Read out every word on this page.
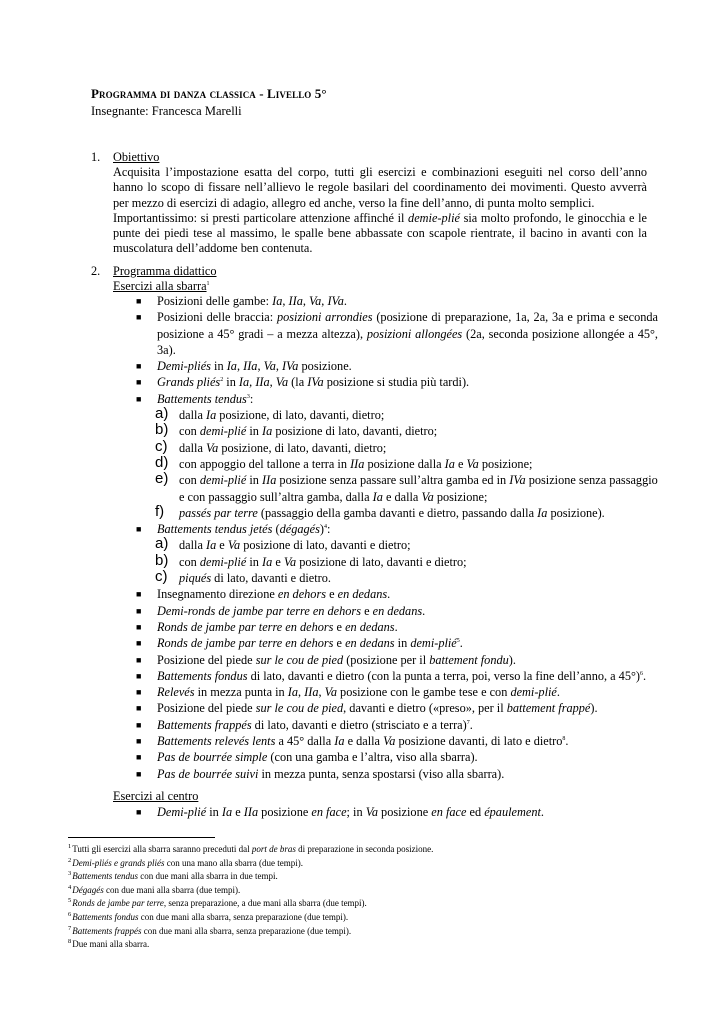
Programma di danza classica - Livello 5°
Insegnante: Francesca Marelli
1. Obiettivo
Acquisita l’impostazione esatta del corpo, tutti gli esercizi e combinazioni eseguiti nel corso dell’anno hanno lo scopo di fissare nell’allievo le regole basilari del coordinamento dei movimenti. Questo avverrà per mezzo di esercizi di adagio, allegro ed anche, verso la fine dell’anno, di punta molto semplici.
Importantissimo: si presti particolare attenzione affinché il demie-plié sia molto profondo, le ginocchia e le punte dei piedi tese al massimo, le spalle bene abbassate con scapole rientrate, il bacino in avanti con la muscolatura dell’addome ben contenuta.
2. Programma didattico
Esercizi alla sbarra$^1$
■ Posizioni delle gambe: Ia, IIa, Va, IVa.
■ Posizioni delle braccia: posizioni arrondies (posizione di preparazione, 1a, 2a, 3a e prima e seconda posizione a 45° gradi – a mezza altezza), posizioni allongées (2a, seconda posizione allongée a 45°, 3a).
■ Demi-pliés in Ia, IIa, Va, IVa posizione.
■ Grands pliés$^2$ in Ia, IIa, Va (la IVa posizione si studia più tardi).
■ Battements tendus$^3$:
a) dalla Ia posizione, di lato, davanti, dietro;
b) con demi-plié in Ia posizione di lato, davanti, dietro;
c) dalla Va posizione, di lato, davanti, dietro;
d) con appoggio del tallone a terra in IIa posizione dalla Ia e Va posizione;
e) con demi-plié in IIa posizione senza passare sull’altra gamba ed in IVa posizione senza passaggio e con passaggio sull’altra gamba, dalla Ia e dalla Va posizione;
f) passés par terre (passaggio della gamba davanti e dietro, passando dalla Ia posizione).
■ Battements tendus jetés (dégagés)$^4$:
a) dalla Ia e Va posizione di lato, davanti e dietro;
b) con demi-plié in Ia e Va posizione di lato, davanti e dietro;
c) piqués di lato, davanti e dietro.
■ Insegnamento direzione en dehors e en dedans.
■ Demi-ronds de jambe par terre en dehors e en dedans.
■ Ronds de jambe par terre en dehors e en dedans.
■ Ronds de jambe par terre en dehors e en dedans in demi-plié$^5$.
■ Posizione del piede sur le cou de pied (posizione per il battement fondu).
■ Battements fondus di lato, davanti e dietro (con la punta a terra, poi, verso la fine dell’anno, a 45°)$^6$.
■ Relevés in mezza punta in Ia, IIa, Va posizione con le gambe tese e con demi-plié.
■ Posizione del piede sur le cou de pied, davanti e dietro («preso», per il battement frappé).
■ Battements frappés di lato, davanti e dietro (strisciato e a terra)$^7$.
■ Battements relevés lents a 45° dalla Ia e dalla Va posizione davanti, di lato e dietro$^8$.
■ Pas de bourrée simple (con una gamba e l’altra, viso alla sbarra).
■ Pas de bourrée suivi in mezza punta, senza spostarsi (viso alla sbarra).
Esercizi al centro
■ Demi-plié in Ia e IIa posizione en face; in Va posizione en face ed épaulement.
$^1$Tutti gli esercizi alla sbarra saranno preceduti dal port de bras di preparazione in seconda posizione.
$^2$Demi-pliés e grands pliés con una mano alla sbarra (due tempi).
$^3$Battements tendus con due mani alla sbarra in due tempi.
$^4$Dégagés con due mani alla sbarra (due tempi).
$^5$Ronds de jambe par terre, senza preparazione, a due mani alla sbarra (due tempi).
$^6$Battements fondus con due mani alla sbarra, senza preparazione (due tempi).
$^7$Battements frappés con due mani alla sbarra, senza preparazione (due tempi).
$^8$Due mani alla sbarra.
